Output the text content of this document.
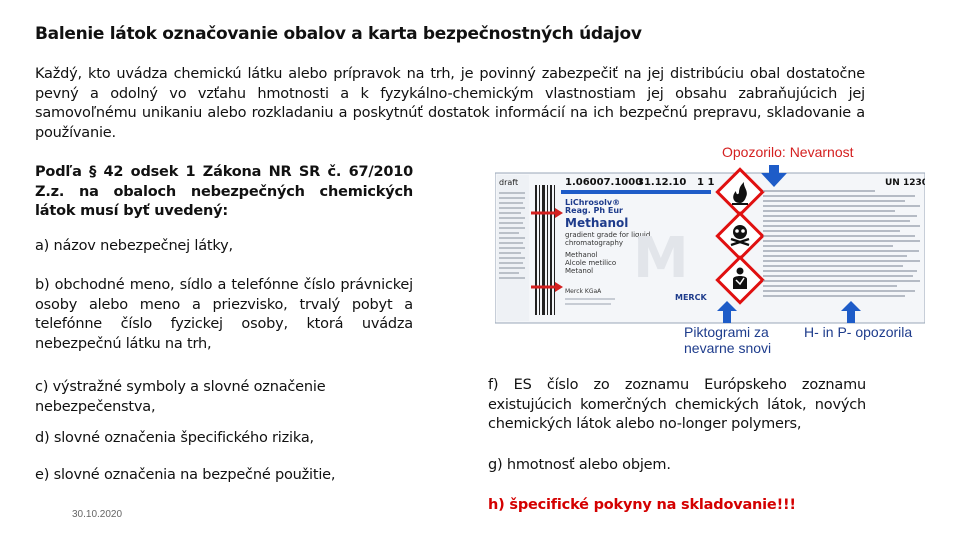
Balenie látok označovanie obalov a karta bezpečnostných údajov
Každý, kto uvádza chemickú látku alebo prípravok na trh, je povinný zabezpečiť na jej distribúciu obal dostatočne pevný a odolný vo vzťahu hmotnosti a k fyzykálno-chemickým vlastnostiam jej obsahu zabraňujúcich jej samovoľnému unikaniu alebo rozkladaniu a poskytnúť dostatok informácií na ich bezpečnú prepravu, skladovanie a používanie.
Podľa § 42 odsek 1 Zákona NR SR č. 67/2010 Z.z. na obaloch nebezpečných chemických látok musí byť uvedený:
a) názov nebezpečnej látky,
b) obchodné meno, sídlo a telefónne číslo právnickej osoby alebo meno a priezvisko, trvalý pobyt a telefónne číslo fyzickej osoby, ktorá uvádza nebezpečnú látku na trh,
c) výstražné symboly a slovné označenie nebezpečenstva,
d) slovné označenia špecifického rizika,
e) slovné označenia na bezpečné použitie,
f) ES číslo zo zoznamu Európskeho zoznamu existujúcich komerčných chemických látok, nových chemických látok alebo no-longer polymers,
g) hmotnosť alebo objem.
h) špecifické pokyny na skladovanie!!!
30.10.2020
Opozorilo: Nevarnost
Piktogrami za nevarne snovi
H- in P- opozorila
draft	1.06007.1000
31.12.10 1 1	UN 1230
LiChrosolv®
Reag. Ph Eur
Methanol
gradient grade for liquid
chromatography
Methanol
Alcole metilico
Metanol M
Merck KGaA
MERCK
